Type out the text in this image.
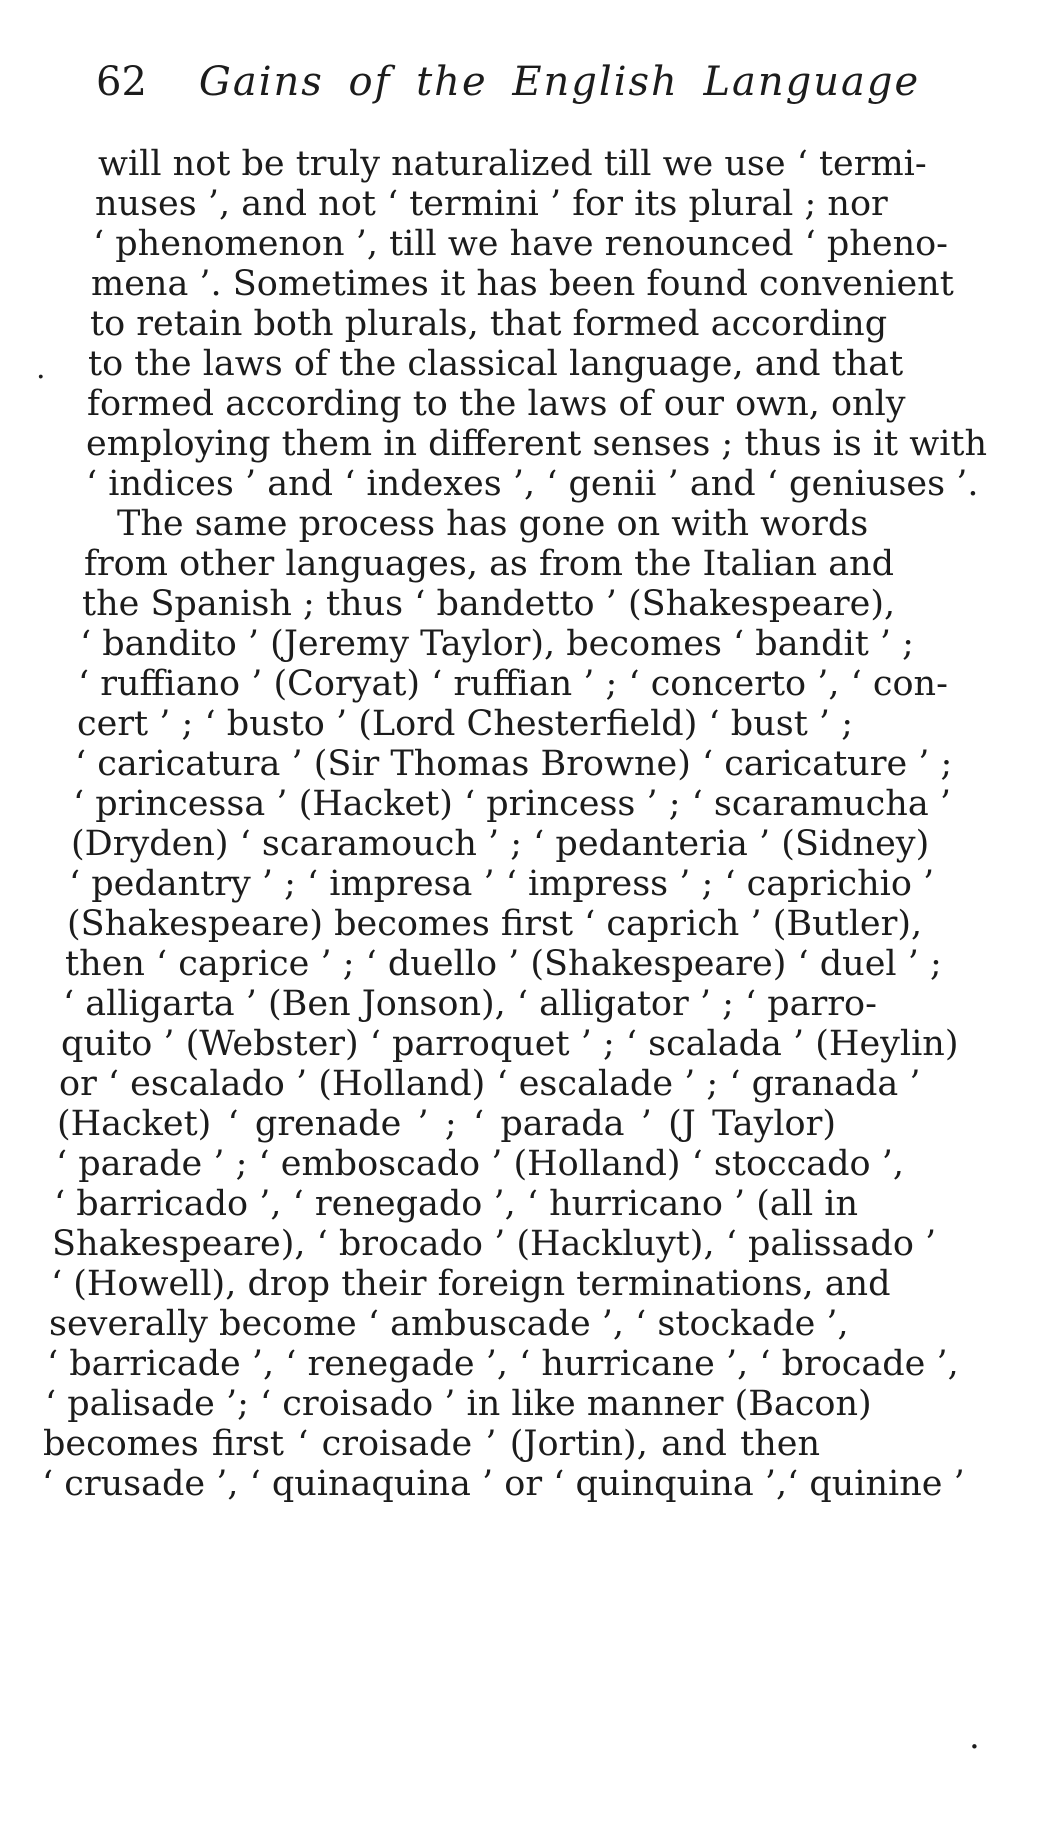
62 Gains of the English Language
.
will not be truly naturalized till we use ‘ termi-
nuses ’, and not ‘ termini ’ for its plural ; nor
‘ phenomenon ’, till we have renounced ‘ pheno-
mena ’. Sometimes it has been found convenient
to retain both plurals, that formed according
to the laws of the classical language, and that
formed according to the laws of our own, only
employing them in different senses ; thus is it with
‘ indices ’ and ‘ indexes ’, ‘ genii ’ and ‘ geniuses ’.
The same process has gone on with words
from other languages, as from the Italian and
the Spanish ; thus ‘ bandetto ’ (Shakespeare),
‘ bandito ’ (Jeremy Taylor), becomes ‘ bandit ’ ;
‘ ruffiano ’ (Coryat) ‘ ruffian ’ ; ‘ concerto ’, ‘ con-
cert ’ ; ‘ busto ’ (Lord Chesterfield) ‘ bust ’ ;
‘ caricatura ’ (Sir Thomas Browne) ‘ caricature ’ ;
‘ princessa ’ (Hacket) ‘ princess ’ ; ‘ scaramucha ’
(Dryden) ‘ scaramouch ’ ; ‘ pedanteria ’ (Sidney)
‘ pedantry ’ ; ‘ impresa ’ ‘ impress ’ ; ‘ caprichio ’
(Shakespeare) becomes first ‘ caprich ’ (Butler),
then ‘ caprice ’ ; ‘ duello ’ (Shakespeare) ‘ duel ’ ;
‘ alligarta ’ (Ben Jonson), ‘ alligator ’ ; ‘ parro-
quito ’ (Webster) ‘ parroquet ’ ; ‘ scalada ’ (Heylin)
or ‘ escalado ’ (Holland) ‘ escalade ’ ; ‘ granada ’
(Hacket) ‘ grenade ’ ; ‘ parada ’ (J Taylor)
‘ parade ’ ; ‘ emboscado ’ (Holland) ‘ stoccado ’,
‘ barricado ’, ‘ renegado ’, ‘ hurricano ’ (all in
Shakespeare), ‘ brocado ’ (Hackluyt), ‘ palissado ’
‘ (Howell), drop their foreign terminations, and
severally become ‘ ambuscade ’, ‘ stockade ’,
‘ barricade ’, ‘ renegade ’, ‘ hurricane ’, ‘ brocade ’,
‘ palisade ’; ‘ croisado ’ in like manner (Bacon)
becomes first ‘ croisade ’ (Jortin), and then
‘ crusade ’, ‘ quinaquina ’ or ‘ quinquina ’,‘ quinine ’
.
